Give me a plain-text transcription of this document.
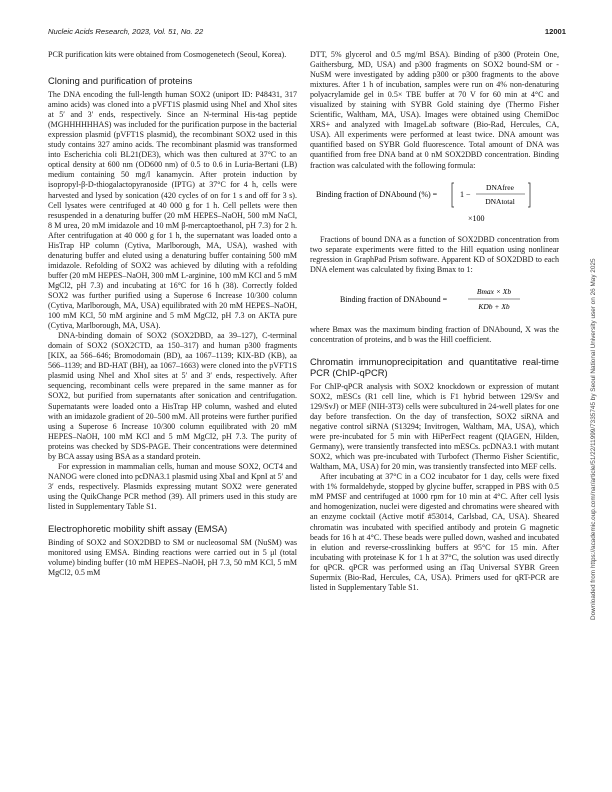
Nucleic Acids Research, 2023, Vol. 51, No. 22	12001

PCR purification kits were obtained from Cosmogenetech (Seoul, Korea).

Cloning and purification of proteins

The DNA encoding the full-length human SOX2 (uniport ID: P48431, 317 amino acids) was cloned into a pVFT1S plasmid using NheI and XhoI sites at 5′ and 3′ ends, respectively. Since an N-terminal His-tag peptide (MGHHHHHHAS) was included for the purification purpose in the bacterial expression plasmid (pVFT1S plasmid), the recombinant SOX2 used in this study contains 327 amino acids. The recombinant plasmid was transformed into Escherichia coli BL21(DE3), which was then cultured at 37°C to an optical density at 600 nm (OD600 nm) of 0.5 to 0.6 in Luria-Bertani (LB) medium containing 50 mg/l kanamycin. After protein induction by isopropyl-β-D-thiogalactopyranoside (IPTG) at 37°C for 4 h, cells were harvested and lysed by sonication (420 cycles of on for 1 s and off for 3 s). Cell lysates were centrifuged at 40 000 g for 1 h. Cell pellets were then resuspended in a denaturing buffer (20 mM HEPES–NaOH, 500 mM NaCl, 8 M urea, 20 mM imidazole and 10 mM β-mercaptoethanol, pH 7.3) for 2 h. After centrifugation at 40 000 g for 1 h, the supernatant was loaded onto a HisTrap HP column (Cytiva, Marlborough, MA, USA), washed with denaturing buffer and eluted using a denaturing buffer containing 500 mM imidazole. Refolding of SOX2 was achieved by diluting with a refolding buffer (20 mM HEPES–NaOH, 300 mM L-arginine, 100 mM KCl and 5 mM MgCl2, pH 7.3) and incubating at 16°C for 16 h (38). Correctly folded SOX2 was further purified using a Superose 6 Increase 10/300 column (Cytiva, Marlborough, MA, USA) equilibrated with 20 mM HEPES–NaOH, 100 mM KCl, 50 mM arginine and 5 mM MgCl2, pH 7.3 on AKTA pure (Cytiva, Marlborough, MA, USA).

DNA-binding domain of SOX2 (SOX2DBD, aa 39–127), C-terminal domain of SOX2 (SOX2CTD, aa 150–317) and human p300 fragments [KIX, aa 566–646; Bromodomain (BD), aa 1067–1139; KIX-BD (KB), aa 566–1139; and BD-HAT (BH), aa 1067–1663) were cloned into the pVFT1S plasmid using NheI and XhoI sites at 5′ and 3′ ends, respectively. After sequencing, recombinant cells were prepared in the same manner as for SOX2, but purified from supernatants after sonication and centrifugation. Supernatants were loaded onto a HisTrap HP column, washed and eluted with an imidazole gradient of 20–500 mM. All proteins were further purified using a Superose 6 Increase 10/300 column equilibrated with 20 mM HEPES–NaOH, 100 mM KCl and 5 mM MgCl2, pH 7.3. The purity of proteins was checked by SDS-PAGE. Their concentrations were determined by BCA assay using BSA as a standard protein.

For expression in mammalian cells, human and mouse SOX2, OCT4 and NANOG were cloned into pcDNA3.1 plasmid using XbaI and KpnI at 5′ and 3′ ends, respectively. Plasmids expressing mutant SOX2 were generated using the QuikChange PCR method (39). All primers used in this study are listed in Supplementary Table S1.

Electrophoretic mobility shift assay (EMSA)

Binding of SOX2 and SOX2DBD to SM or nucleosomal SM (NuSM) was monitored using EMSA. Binding reactions were carried out in 5 μl (total volume) binding buffer (10 mM HEPES–NaOH, pH 7.3, 50 mM KCl, 5 mM MgCl2, 0.5 mM

DTT, 5% glycerol and 0.5 mg/ml BSA). Binding of p300 (Protein One, Gaithersburg, MD, USA) and p300 fragments on SOX2 bound-SM or -NuSM were investigated by adding p300 or p300 fragments to the above mixtures. After 1 h of incubation, samples were run on 4% non-denaturing polyacrylamide gel in 0.5× TBE buffer at 70 V for 60 min at 4°C and visualized by staining with SYBR Gold staining dye (Thermo Fisher Scientific, Waltham, MA, USA). Images were obtained using ChemiDoc XRS+ and analyzed with ImageLab software (Bio-Rad, Hercules, CA, USA). All experiments were performed at least twice. DNA amount was quantified based on SYBR Gold fluorescence. Total amount of DNA was quantified from free DNA band at 0 nM SOX2DBD concentration. Binding fraction was calculated with the following formula:

Binding fraction of DNAbound (%) =	1 −
DNAfree
DNAtotal
×100

Fractions of bound DNA as a function of SOX2DBD concentration from two separate experiments were fitted to the Hill equation using nonlinear regression in GraphPad Prism software. Apparent KD of SOX2DBD to each DNA element was calculated by fixing Bmax to 1:

Binding fraction of DNAbound =
Bmax × Xb
KDb + Xb

where Bmax was the maximum binding fraction of DNAbound, X was the concentration of proteins, and b was the Hill coefficient.

Chromatin immunoprecipitation and quantitative real-time PCR (ChIP-qPCR)

For ChIP-qPCR analysis with SOX2 knockdown or expression of mutant SOX2, mESCs (R1 cell line, which is F1 hybrid between 129/Sv and 129/SvJ) or MEF (NIH-3T3) cells were subcultured in 24-well plates for one day before transfection. On the day of transfection, SOX2 siRNA and negative control siRNA (S13294; Invitrogen, Waltham, MA, USA), which were pre-incubated for 5 min with HiPerFect reagent (QIAGEN, Hilden, Germany), were transiently transfected into mESCs. pcDNA3.1 with mutant SOX2, which was pre-incubated with Turbofect (Thermo Fisher Scientific, Waltham, MA, USA) for 20 min, was transiently transfected into MEF cells.

After incubating at 37°C in a CO2 incubator for 1 day, cells were fixed with 1% formaldehyde, stopped by glycine buffer, scrapped in PBS with 0.5 mM PMSF and centrifuged at 1000 rpm for 10 min at 4°C. After cell lysis and homogenization, nuclei were digested and chromatins were sheared with an enzyme cocktail (Active motif #53014, Carlsbad, CA, USA). Sheared chromatin was incubated with specified antibody and protein G magnetic beads for 16 h at 4°C. These beads were pulled down, washed and incubated in elution and reverse-crosslinking buffers at 95°C for 15 min. After incubating with proteinase K for 1 h at 37°C, the solution was used directly for qPCR. qPCR was performed using an iTaq Universal SYBR Green Supermix (Bio-Rad, Hercules, CA, USA). Primers used for qRT-PCR are listed in Supplementary Table S1.	Downloaded from https://academic.oup.com/nar/article/51/22/11999/7335745 by Seoul National University user on 26 May 2025
